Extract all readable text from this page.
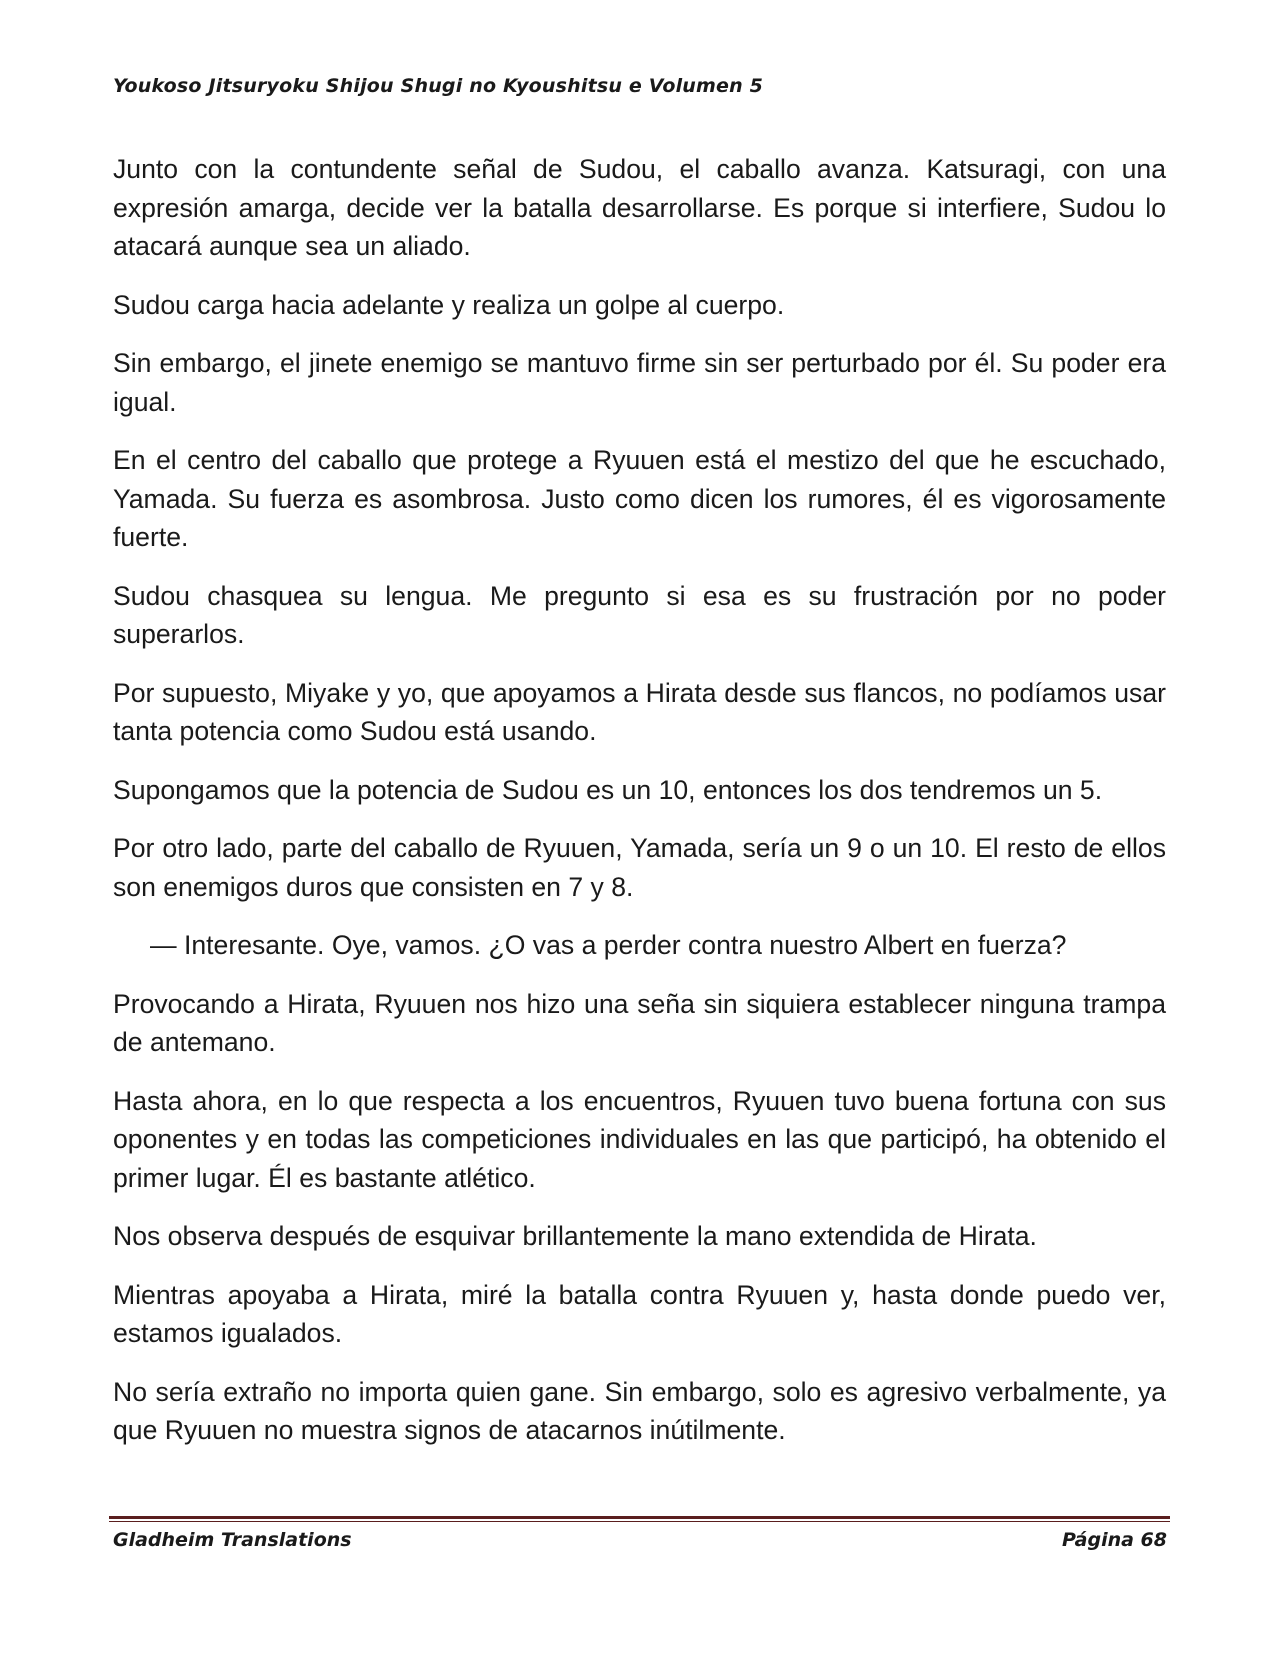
Youkoso Jitsuryoku Shijou Shugi no Kyoushitsu e Volumen 5

Junto con la contundente señal de Sudou, el caballo avanza. Katsuragi, con una expresión amarga, decide ver la batalla desarrollarse. Es porque si interfiere, Sudou lo atacará aunque sea un aliado.

Sudou carga hacia adelante y realiza un golpe al cuerpo.

Sin embargo, el jinete enemigo se mantuvo firme sin ser perturbado por él. Su poder era igual.

En el centro del caballo que protege a Ryuuen está el mestizo del que he escuchado, Yamada. Su fuerza es asombrosa. Justo como dicen los rumores, él es vigorosamente fuerte.

Sudou chasquea su lengua. Me pregunto si esa es su frustración por no poder superarlos.

Por supuesto, Miyake y yo, que apoyamos a Hirata desde sus flancos, no podíamos usar tanta potencia como Sudou está usando.

Supongamos que la potencia de Sudou es un 10, entonces los dos tendremos un 5.

Por otro lado, parte del caballo de Ryuuen, Yamada, sería un 9 o un 10. El resto de ellos son enemigos duros que consisten en 7 y 8.

— Interesante. Oye, vamos. ¿O vas a perder contra nuestro Albert en fuerza?

Provocando a Hirata, Ryuuen nos hizo una seña sin siquiera establecer ninguna trampa de antemano.

Hasta ahora, en lo que respecta a los encuentros, Ryuuen tuvo buena fortuna con sus oponentes y en todas las competiciones individuales en las que participó, ha obtenido el primer lugar. Él es bastante atlético.

Nos observa después de esquivar brillantemente la mano extendida de Hirata.

Mientras apoyaba a Hirata, miré la batalla contra Ryuuen y, hasta donde puedo ver, estamos igualados.

No sería extraño no importa quien gane. Sin embargo, solo es agresivo verbalmente, ya que Ryuuen no muestra signos de atacarnos inútilmente.

Gladheim Translations	Página 68
